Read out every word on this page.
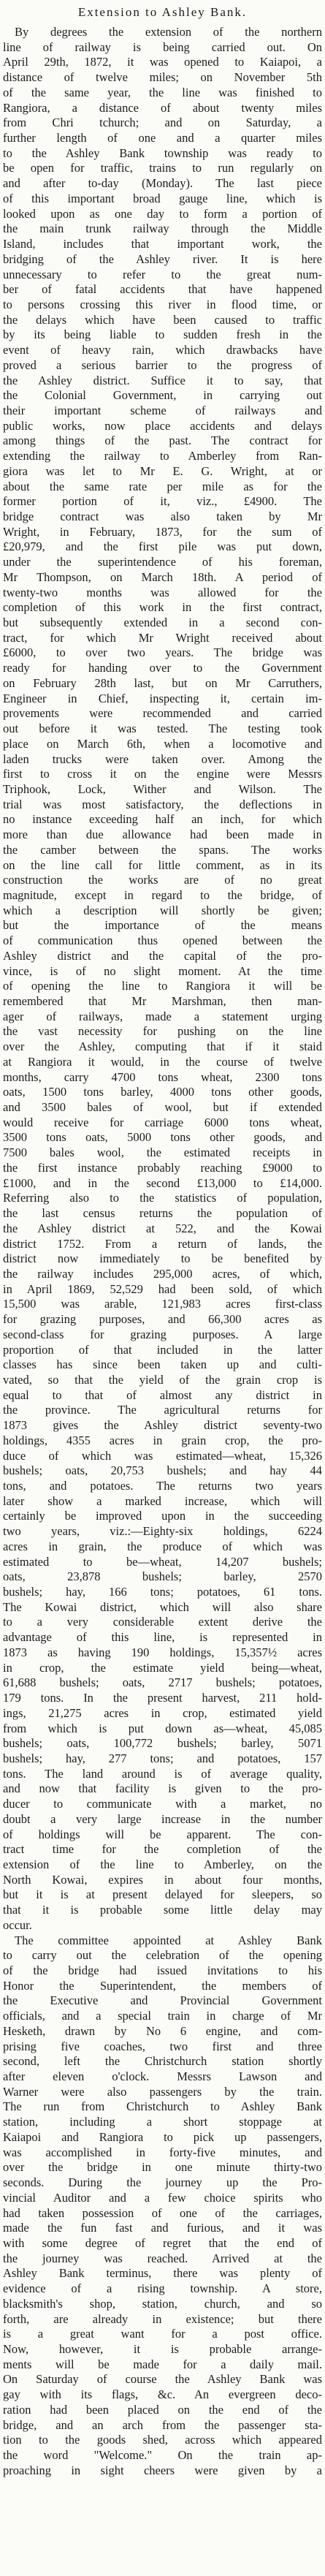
Extension to Ashley Bank.

By degrees the extension of the northern
line of railway is being carried out. On
April 29th, 1872, it was opened to Kaiapoi, a
distance of twelve miles; on November 5th
of the same year, the line was finished to
Rangiora, a distance of about twenty miles
from Chri tchurch; and on Saturday, a
further length of one and a quarter miles
to the Ashley Bank township was ready to
be open for traffic, trains to run regularly on
and after to-day (Monday). The last piece
of this important broad gauge line, which is
looked upon as one day to form a portion of
the main trunk railway through the Middle
Island, includes that important work, the
bridging of the Ashley river. It is here
unnecessary to refer to the great num-
ber of fatal accidents that have happened
to persons crossing this river in flood time, or
the delays which have been caused to traffic
by its being liable to sudden fresh in the
event of heavy rain, which drawbacks have
proved a serious barrier to the progress of
the Ashley district. Suffice it to say, that
the Colonial Government, in carrying out
their important scheme of railways and
public works, now place accidents and delays
among things of the past. The contract for
extending the railway to Amberley from Ran-
giora was let to Mr E. G. Wright, at or
about the same rate per mile as for the
former portion of it, viz., £4900. The
bridge contract was also taken by Mr
Wright, in February, 1873, for the sum of
£20,979, and the first pile was put down,
under the superintendence of his foreman,
Mr Thompson, on March 18th. A period of
twenty-two months was allowed for the
completion of this work in the first contract,
but subsequently extended in a second con-
tract, for which Mr Wright received about
£6000, to over two years. The bridge was
ready for handing over to the Government
on February 28th last, but on Mr Carruthers,
Engineer in Chief, inspecting it, certain im-
provements were recommended and carried
out before it was tested. The testing took
place on March 6th, when a locomotive and
laden trucks were taken over. Among the
first to cross it on the engine were Messrs
Triphook, Lock, Wither and Wilson. The
trial was most satisfactory, the deflections in
no instance exceeding half an inch, for which
more than due allowance had been made in
the camber between the spans. The works
on the line call for little comment, as in its
construction the works are of no great
magnitude, except in regard to the bridge, of
which a description will shortly be given;
but the importance of the means
of communication thus opened between the
Ashley district and the capital of the pro-
vince, is of no slight moment. At the time
of opening the line to Rangiora it will be
remembered that Mr Marshman, then man-
ager of railways, made a statement urging
the vast necessity for pushing on the line
over the Ashley, computing that if it staid
at Rangiora it would, in the course of twelve
months, carry 4700 tons wheat, 2300 tons
oats, 1500 tons barley, 4000 tons other goods,
and 3500 bales of wool, but if extended
would receive for carriage 6000 tons wheat,
3500 tons oats, 5000 tons other goods, and
7500 bales wool, the estimated receipts in
the first instance probably reaching £9000 to
£1000, and in the second £13,000 to £14,000.
Referring also to the statistics of population,
the last census returns the population of
the Ashley district at 522, and the Kowai
district 1752. From a return of lands, the
district now immediately to be benefited by
the railway includes 295,000 acres, of which,
in April 1869, 52,529 had been sold, of which
15,500 was arable, 121,983 acres first-class
for grazing purposes, and 66,300 acres as
second-class for grazing purposes. A large
proportion of that included in the latter
classes has since been taken up and culti-
vated, so that the yield of the grain crop is
equal to that of almost any district in
the province. The agricultural returns for
1873 gives the Ashley district seventy-two
holdings, 4355 acres in grain crop, the pro-
duce of which was estimated—wheat, 15,326
bushels; oats, 20,753 bushels; and hay 44
tons, and potatoes. The returns two years
later show a marked increase, which will
certainly be improved upon in the succeeding
two years, viz.:—Eighty-six holdings, 6224
acres in grain, the produce of which was
estimated to be—wheat, 14,207 bushels;
oats, 23,878 bushels; barley, 2570
bushels; hay, 166 tons; potatoes, 61 tons.
The Kowai district, which will also share
to a very considerable extent derive the
advantage of this line, is represented in
1873 as having 190 holdings, 15,357½ acres
in crop, the estimate yield being—wheat,
61,688 bushels; oats, 2717 bushels; potatoes,
179 tons. In the present harvest, 211 hold-
ings, 21,275 acres in crop, estimated yield
from which is put down as—wheat, 45,085
bushels; oats, 100,772 bushels; barley, 5071
bushels; hay, 277 tons; and potatoes, 157
tons. The land around is of average quality,
and now that facility is given to the pro-
ducer to communicate with a market, no
doubt a very large increase in the number
of holdings will be apparent. The con-
tract time for the completion of the
extension of the line to Amberley, on the
North Kowai, expires in about four months,
but it is at present delayed for sleepers, so
that it is probable some little delay may
occur.

The committee appointed at Ashley Bank
to carry out the celebration of the opening
of the bridge had issued invitations to his
Honor the Superintendent, the members of
the Executive and Provincial Government
officials, and a special train in charge of Mr
Hesketh, drawn by No 6 engine, and com-
prising five coaches, two first and three
second, left the Christchurch station shortly
after eleven o'clock. Messrs Lawson and
Warner were also passengers by the train.
The run from Christchurch to Ashley Bank
station, including a short stoppage at
Kaiapoi and Rangiora to pick up passengers,
was accomplished in forty-five minutes, and
over the bridge in one minute thirty-two
seconds. During the journey up the Pro-
vincial Auditor and a few choice spirits who
had taken possession of one of the carriages,
made the fun fast and furious, and it was
with some degree of regret that the end of
the journey was reached. Arrived at the
Ashley Bank terminus, there was plenty of
evidence of a rising township. A store,
blacksmith's shop, station, church, and so
forth, are already in existence; but there
is a great want for a post office.
Now, however, it is probable arrange-
ments will be made for a daily mail.
On Saturday of course the Ashley Bank was
gay with its flags, &c. An evergreen deco-
ration had been placed on the end of the
bridge, and an arch from the passenger sta-
tion to the goods shed, across which appeared
the word "Welcome." On the train ap-
proaching in sight cheers were given by a
